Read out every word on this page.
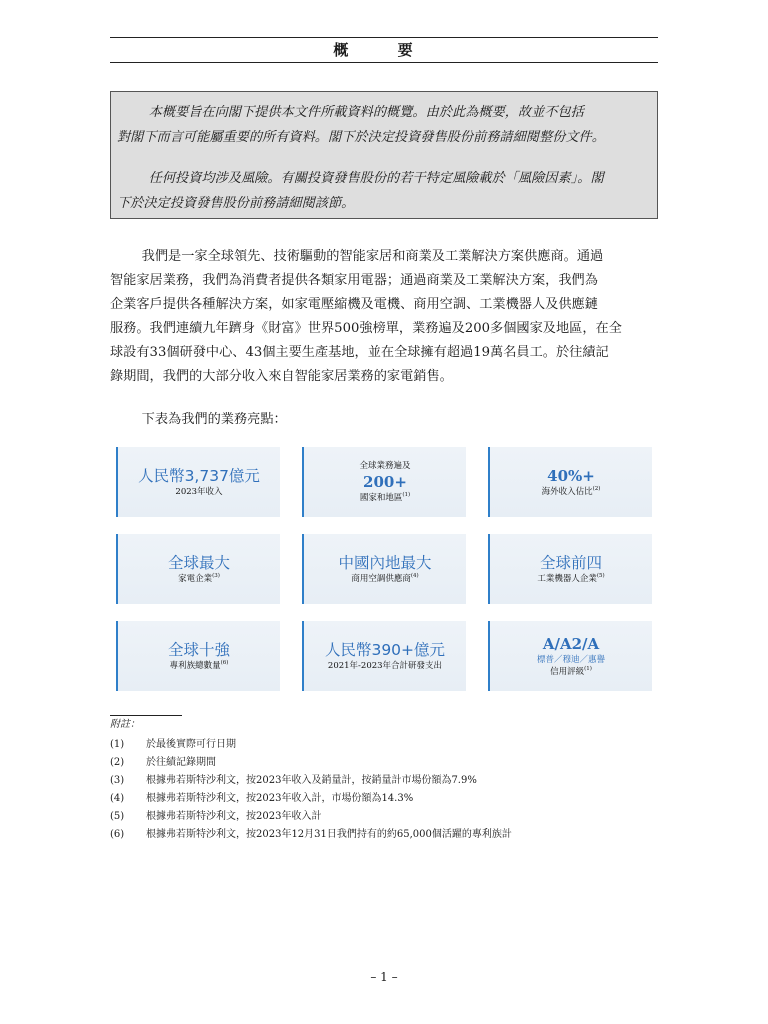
概 要

本概要旨在向閣下提供本文件所載資料的概覽。由於此為概要，故並不包括

對閣下而言可能屬重要的所有資料。閣下於決定投資發售股份前務請細閱整份文件。

任何投資均涉及風險。有關投資發售股份的若干特定風險載於「風險因素」。閣

下於決定投資發售股份前務請細閱該節。

我們是一家全球領先、技術驅動的智能家居和商業及工業解決方案供應商。通過

智能家居業務，我們為消費者提供各類家用電器；通過商業及工業解決方案，我們為

企業客戶提供各種解決方案，如家電壓縮機及電機、商用空調、工業機器人及供應鏈

服務。我們連續九年躋身《財富》世界500強榜單，業務遍及200多個國家及地區，在全

球設有33個研發中心、43個主要生產基地，並在全球擁有超過19萬名員工。於往績記

錄期間，我們的大部分收入來自智能家居業務的家電銷售。

下表為我們的業務亮點：

人民幣3,737億元
2023年收入
全球業務遍及
200+
國家和地區$^{(1)}$
40%+
海外收入佔比$^{(2)}$
全球最大
家電企業$^{(3)}$
中國內地最大
商用空調供應商$^{(4)}$
全球前四
工業機器人企業$^{(5)}$
全球十強
專利族總數量$^{(6)}$
人民幣390+億元
2021年-2023年合計研發支出
A/A2/A
標普／穆迪／惠譽
信用評級$^{(1)}$
附註：
(1) 於最後實際可行日期
(2) 於往績記錄期間
(3) 根據弗若斯特沙利文，按2023年收入及銷量計，按銷量計市場份額為7.9%
(4) 根據弗若斯特沙利文，按2023年收入計，市場份額為14.3%
(5) 根據弗若斯特沙利文，按2023年收入計
(6) 根據弗若斯特沙利文，按2023年12月31日我們持有的約65,000個活躍的專利族計
– 1 –
